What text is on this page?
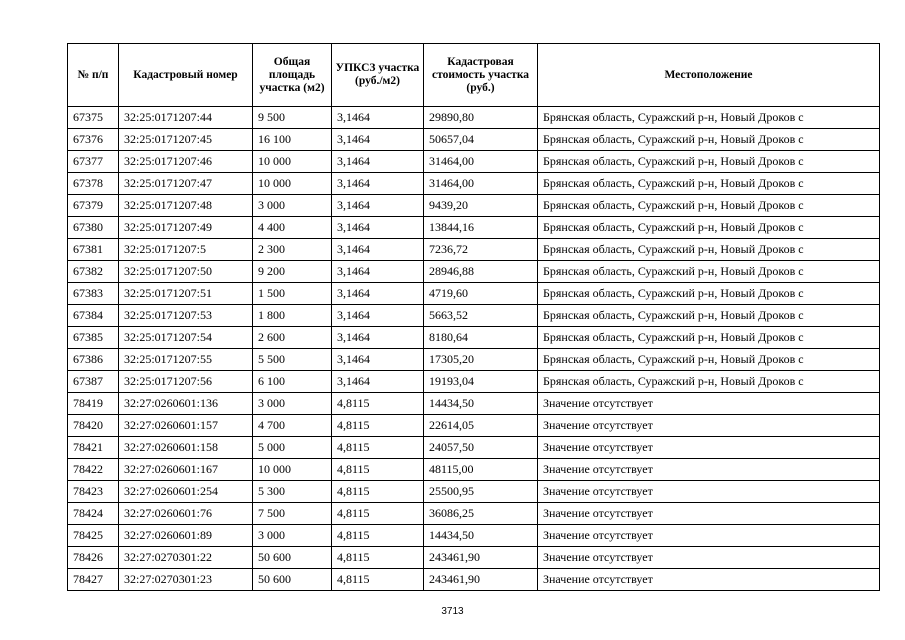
№ п/п	Кадастровый номер	Общая площадь участка (м2)	УПКСЗ участка (руб./м2)	Кадастровая стоимость участка (руб.)	Местоположение
67375	32:25:0171207:44	9 500	3,1464	29890,80	Брянская область, Суражский р-н, Новый Дроков с
67376	32:25:0171207:45	16 100	3,1464	50657,04	Брянская область, Суражский р-н, Новый Дроков с
67377	32:25:0171207:46	10 000	3,1464	31464,00	Брянская область, Суражский р-н, Новый Дроков с
67378	32:25:0171207:47	10 000	3,1464	31464,00	Брянская область, Суражский р-н, Новый Дроков с
67379	32:25:0171207:48	3 000	3,1464	9439,20	Брянская область, Суражский р-н, Новый Дроков с
67380	32:25:0171207:49	4 400	3,1464	13844,16	Брянская область, Суражский р-н, Новый Дроков с
67381	32:25:0171207:5	2 300	3,1464	7236,72	Брянская область, Суражский р-н, Новый Дроков с
67382	32:25:0171207:50	9 200	3,1464	28946,88	Брянская область, Суражский р-н, Новый Дроков с
67383	32:25:0171207:51	1 500	3,1464	4719,60	Брянская область, Суражский р-н, Новый Дроков с
67384	32:25:0171207:53	1 800	3,1464	5663,52	Брянская область, Суражский р-н, Новый Дроков с
67385	32:25:0171207:54	2 600	3,1464	8180,64	Брянская область, Суражский р-н, Новый Дроков с
67386	32:25:0171207:55	5 500	3,1464	17305,20	Брянская область, Суражский р-н, Новый Дроков с
67387	32:25:0171207:56	6 100	3,1464	19193,04	Брянская область, Суражский р-н, Новый Дроков с
78419	32:27:0260601:136	3 000	4,8115	14434,50	Значение отсутствует
78420	32:27:0260601:157	4 700	4,8115	22614,05	Значение отсутствует
78421	32:27:0260601:158	5 000	4,8115	24057,50	Значение отсутствует
78422	32:27:0260601:167	10 000	4,8115	48115,00	Значение отсутствует
78423	32:27:0260601:254	5 300	4,8115	25500,95	Значение отсутствует
78424	32:27:0260601:76	7 500	4,8115	36086,25	Значение отсутствует
78425	32:27:0260601:89	3 000	4,8115	14434,50	Значение отсутствует
78426	32:27:0270301:22	50 600	4,8115	243461,90	Значение отсутствует
78427	32:27:0270301:23	50 600	4,8115	243461,90	Значение отсутствует
3713
